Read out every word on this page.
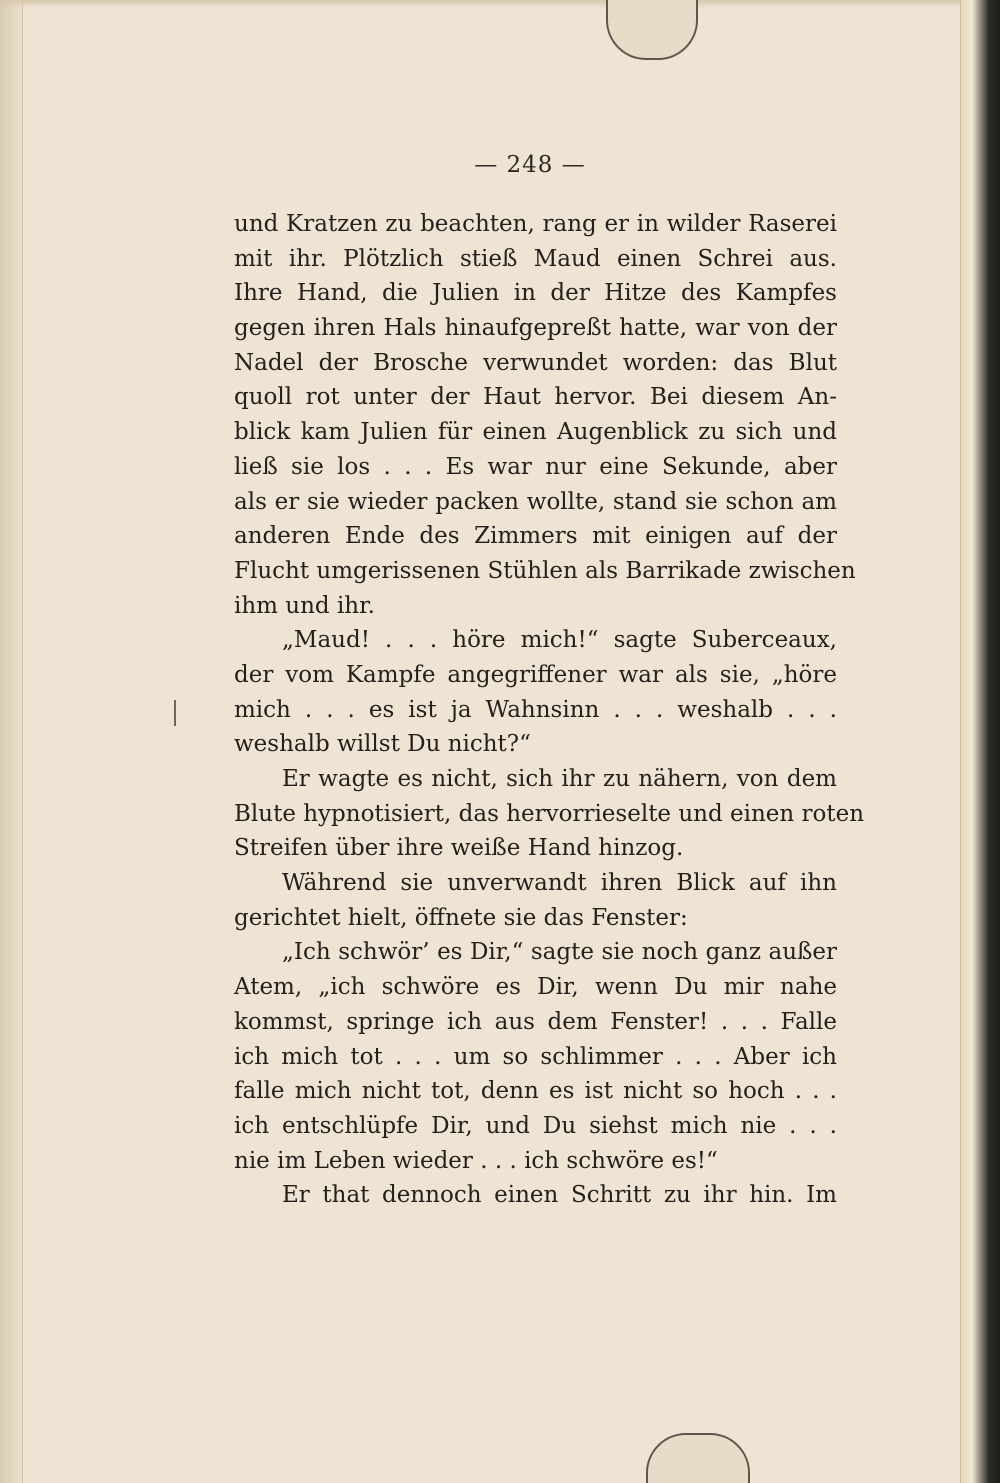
— 248 —
und Kratzen zu beachten, rang er in wilder Raserei
mit ihr. Plötzlich stieß Maud einen Schrei aus.
Ihre Hand, die Julien in der Hitze des Kampfes
gegen ihren Hals hinaufgepreßt hatte, war von der
Nadel der Brosche verwundet worden: das Blut
quoll rot unter der Haut hervor. Bei diesem An-
blick kam Julien für einen Augenblick zu sich und
ließ sie los . . . Es war nur eine Sekunde, aber
als er sie wieder packen wollte, stand sie schon am
anderen Ende des Zimmers mit einigen auf der
Flucht umgerissenen Stühlen als Barrikade zwischen
ihm und ihr.
„Maud! . . . höre mich!“ sagte Suberceaux,
der vom Kampfe angegriffener war als sie, „höre
mich . . . es ist ja Wahnsinn . . . weshalb . . .
weshalb willst Du nicht?“
Er wagte es nicht, sich ihr zu nähern, von dem
Blute hypnotisiert, das hervorrieselte und einen roten
Streifen über ihre weiße Hand hinzog.
Während sie unverwandt ihren Blick auf ihn
gerichtet hielt, öffnete sie das Fenster:
„Ich schwör’ es Dir,“ sagte sie noch ganz außer
Atem, „ich schwöre es Dir, wenn Du mir nahe
kommst, springe ich aus dem Fenster! . . . Falle
ich mich tot . . . um so schlimmer . . . Aber ich
falle mich nicht tot, denn es ist nicht so hoch . . .
ich entschlüpfe Dir, und Du siehst mich nie . . .
nie im Leben wieder . . . ich schwöre es!“
Er that dennoch einen Schritt zu ihr hin. Im
